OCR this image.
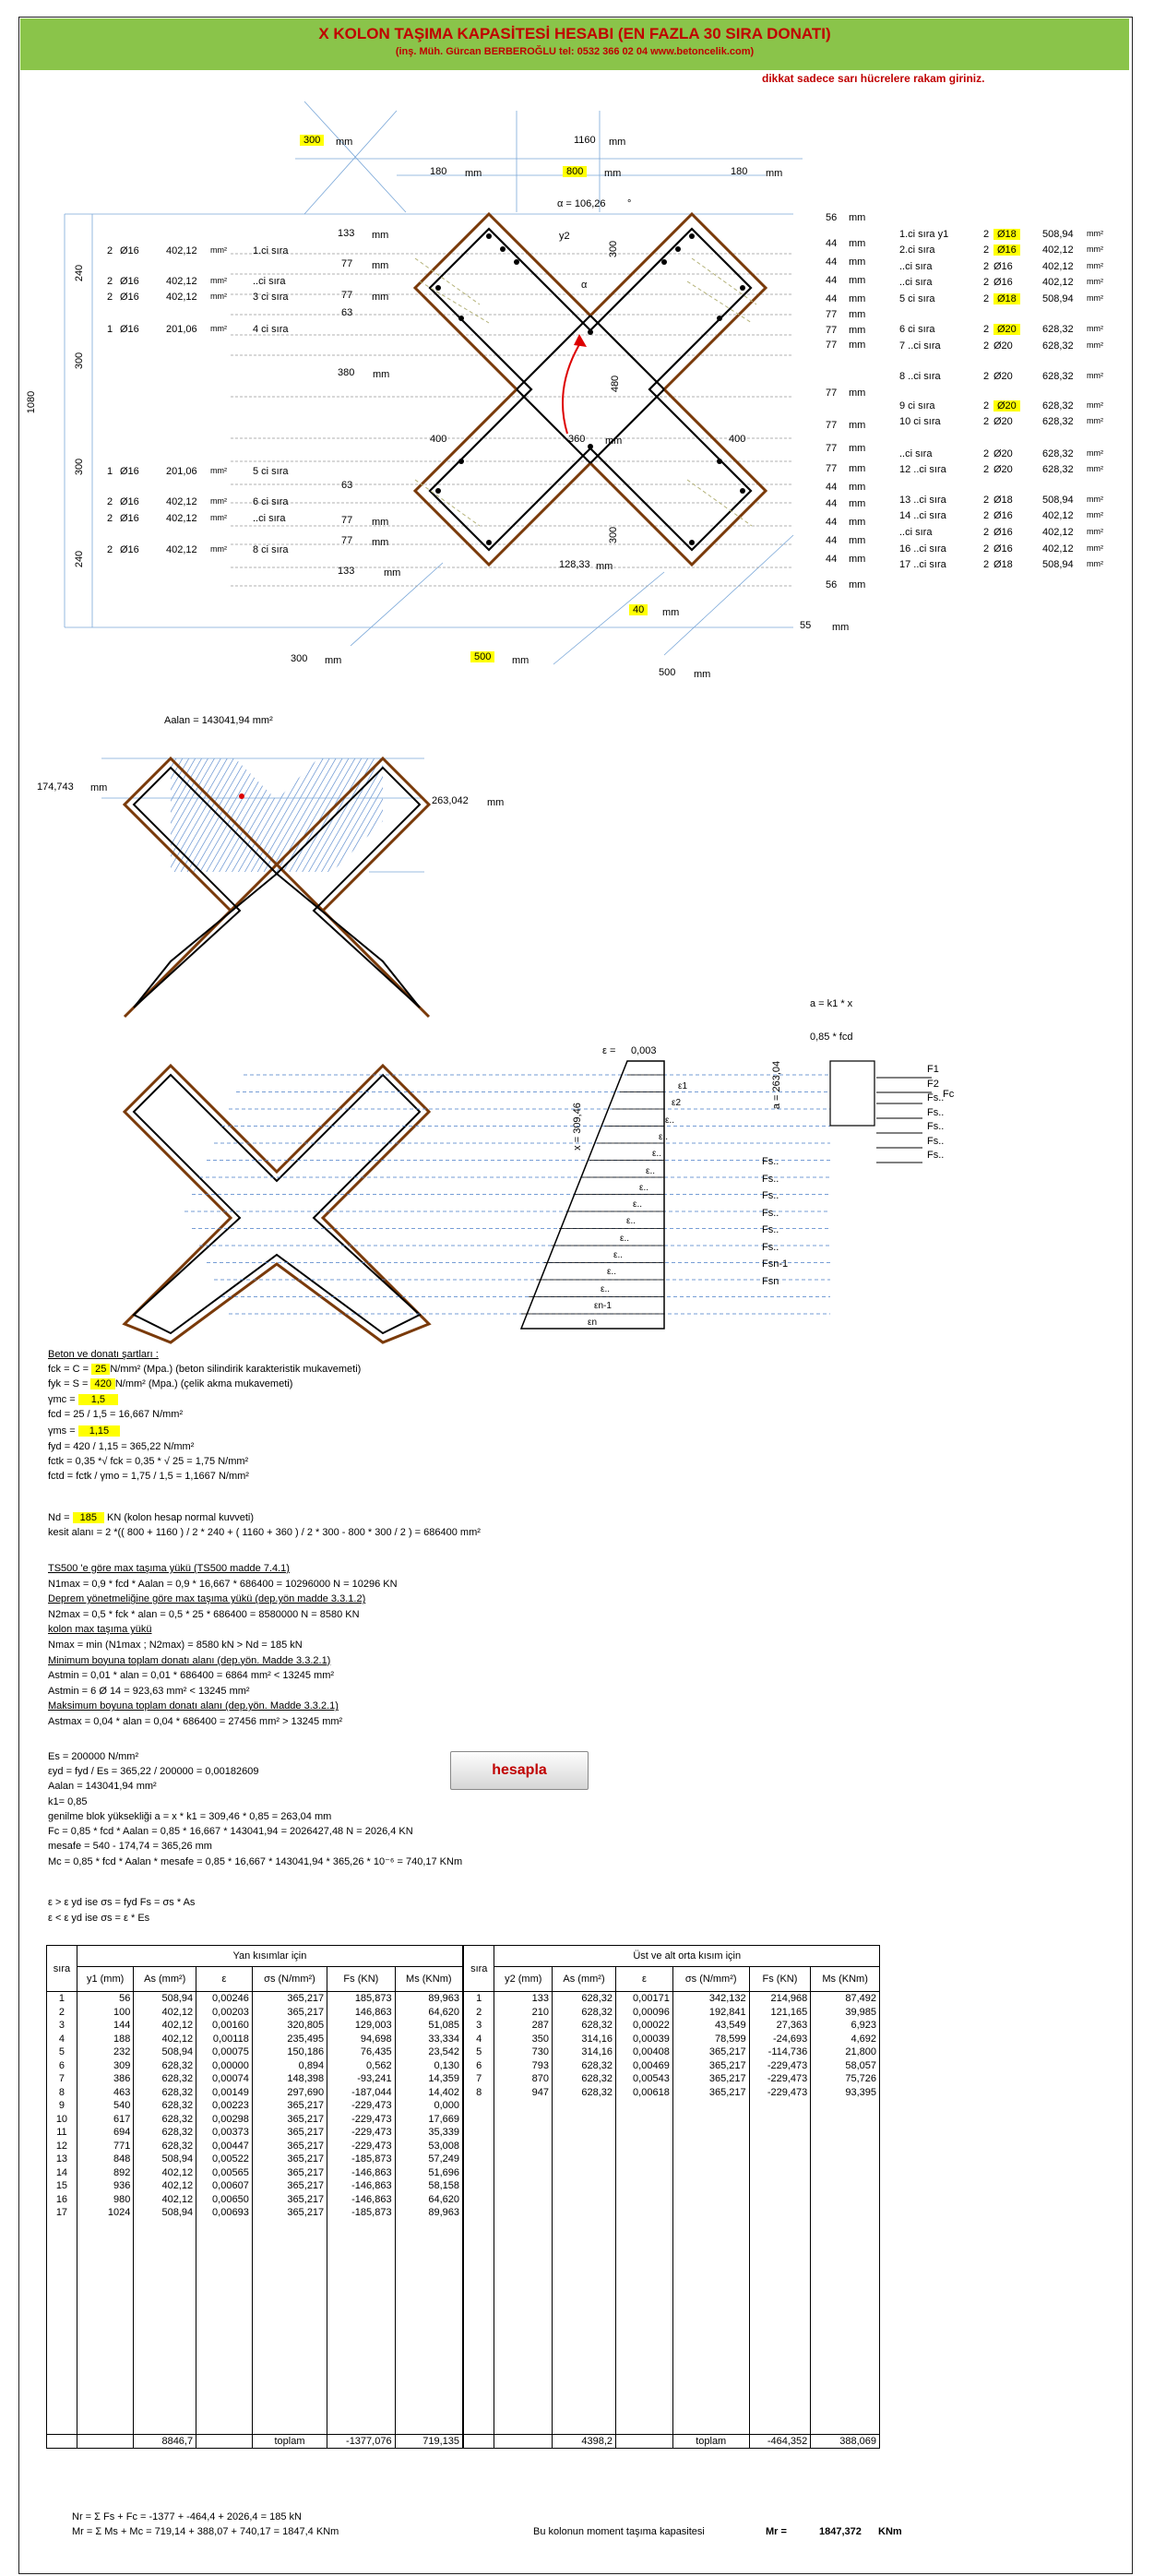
X KOLON TAŞIMA KAPASİTESİ HESABI (EN FAZLA 30 SIRA DONATI)
(inş. Müh. Gürcan BERBEROĞLU tel: 0532 366 02 04 www.betoncelik.com)
dikkat sadece sarı hücrelere rakam giriniz.
300	mm	1160 mm
180 mm	800	mm	180 mm
α = 106,26 °
y2
α
133 mm
77 mm
77 mm
63
380 mm
63
77 mm
77 mm
133	mm
240
300
300
240
1080
400	360 mm	400
480
300
300
128,33 mm
40	mm
55 mm
300 mm	500	mm
500 mm
56 mm
44 mm
44 mm
44 mm
44 mm
77 mm
77 mm
77 mm
77 mm
77 mm
77 mm
77 mm
44 mm
44 mm
44 mm
44 mm
44 mm
56 mm
2 Ø16	402,12 mm²	1.ci sıra
2 Ø16	402,12 mm²	..ci sıra
2 Ø16	402,12 mm²	3 ci sıra
1 Ø16	201,06 mm²	4 ci sıra
1 Ø16	201,06 mm²	5 ci sıra
2 Ø16	402,12 mm²	6 ci sıra
2 Ø16	402,12 mm²	..ci sıra
2 Ø16	402,12 mm²	8 ci sıra
1.ci sıra y1	2 Ø18	508,94 mm²
2.ci sıra	2 Ø16	402,12 mm²
..ci sıra	2 Ø16	402,12 mm²
..ci sıra	2 Ø16	402,12 mm²
5 ci sıra	2 Ø18	508,94 mm²
6 ci sıra	2 Ø20	628,32 mm²
7 ..ci sıra	2 Ø20	628,32 mm²
8 ..ci sıra	2 Ø20	628,32 mm²
9 ci sıra	2 Ø20	628,32 mm²
10 ci sıra	2 Ø20	628,32 mm²
..ci sıra	2 Ø20	628,32 mm²
12 ..ci sıra	2 Ø20	628,32 mm²
13 ..ci sıra	2 Ø18	508,94 mm²
14 ..ci sıra	2 Ø16	402,12 mm²
..ci sıra	2 Ø16	402,12 mm²
16 ..ci sıra	2 Ø16	402,12 mm²
17 ..ci sıra	2 Ø18	508,94 mm²
Aalan = 143041,94 mm²
174,743 mm
263,042 mm
a = k1 * x
0,85 * fcd
ε = 0,003
x = 309,46
a = 263,04
Fc
F1
F2
Fs..
Fs..
Fs..
Fs..
Fs..
Fs..
Fs..
Fs..
Fs..
Fs..
Fs..
Fsn-1
Fsn
ε1
ε2
ε..
ε..
ε..
ε..
ε..
ε..
ε..
ε..
ε..
ε..
ε..
εn-1
εn
Beton ve donatı şartları :
fck = C = 25 N/mm² (Mpa.) (beton silindirik karakteristik mukavemeti)
fyk = S = 420 N/mm² (Mpa.) (çelik akma mukavemeti)
γmc = 1,5
fcd = 25 / 1,5 = 16,667 N/mm²
γms = 1,15
fyd = 420 / 1,15 = 365,22 N/mm²
fctk = 0,35 *√ fck = 0,35 * √ 25 = 1,75 N/mm²
fctd = fctk / γmo = 1,75 / 1,5 = 1,1667 N/mm²
Nd = 185 KN (kolon hesap normal kuvveti)
kesit alanı = 2 *(( 800 + 1160 ) / 2 * 240 + ( 1160 + 360 ) / 2 * 300 - 800 * 300 / 2 ) = 686400 mm²
TS500 'e göre max taşıma yükü (TS500 madde 7.4.1)
N1max = 0,9 * fcd * Aalan = 0,9 * 16,667 * 686400 = 10296000 N = 10296 KN
Deprem yönetmeliğine göre max taşıma yükü (dep.yön madde 3.3.1.2)
N2max = 0,5 * fck * alan = 0,5 * 25 * 686400 = 8580000 N = 8580 KN
kolon max taşıma yükü
Nmax = min (N1max ; N2max) = 8580 kN > Nd = 185 kN
Minimum boyuna toplam donatı alanı (dep.yön. Madde 3.3.2.1)
Astmin = 0,01 * alan = 0,01 * 686400 = 6864 mm² < 13245 mm²
Astmin = 6 Ø 14 = 923,63 mm² < 13245 mm²
Maksimum boyuna toplam donatı alanı (dep.yön. Madde 3.3.2.1)
Astmax = 0,04 * alan = 0,04 * 686400 = 27456 mm² > 13245 mm²
Es = 200000 N/mm²
εyd = fyd / Es = 365,22 / 200000 = 0,00182609
Aalan = 143041,94 mm²
k1= 0,85
genilme blok yüksekliği a = x * k1 = 309,46 * 0,85 = 263,04 mm
Fc = 0,85 * fcd * Aalan = 0,85 * 16,667 * 143041,94 = 2026427,48 N = 2026,4 KN
mesafe = 540 - 174,74 = 365,26 mm
Mc = 0,85 * fcd * Aalan * mesafe = 0,85 * 16,667 * 143041,94 * 365,26 * 10⁻⁶ = 740,17 KNm
hesapla
ε > ε yd ise σs = fyd Fs = σs * As
ε < ε yd ise σs = ε * Es
sıra	Yan kısımlar için					
	y1 (mm)	As (mm²)	ε	σs (N/mm²)	Fs (KN)	Ms (KNm)
1	56	508,94	0,00246	365,217	185,873	89,963
2	100	402,12	0,00203	365,217	146,863	64,620
3	144	402,12	0,00160	320,805	129,003	51,085
4	188	402,12	0,00118	235,495	94,698	33,334
5	232	508,94	0,00075	150,186	76,435	23,542
6	309	628,32	0,00000	0,894	0,562	0,130
7	386	628,32	0,00074	148,398	-93,241	14,359
8	463	628,32	0,00149	297,690	-187,044	14,402
9	540	628,32	0,00223	365,217	-229,473	0,000
10	617	628,32	0,00298	365,217	-229,473	17,669
11	694	628,32	0,00373	365,217	-229,473	35,339
12	771	628,32	0,00447	365,217	-229,473	53,008
13	848	508,94	0,00522	365,217	-185,873	57,249
14	892	402,12	0,00565	365,217	-146,863	51,696
15	936	402,12	0,00607	365,217	-146,863	58,158
16	980	402,12	0,00650	365,217	-146,863	64,620
17	1024	508,94	0,00693	365,217	-185,873	89,963

		8846,7		toplam	-1377,076	719,135
sıra	Üst ve alt orta kısım için					
	y2 (mm)	As (mm²)	ε	σs (N/mm²)	Fs (KN)	Ms (KNm)
1	133	628,32	0,00171	342,132	214,968	87,492
2	210	628,32	0,00096	192,841	121,165	39,985
3	287	628,32	0,00022	43,549	27,363	6,923
4	350	314,16	0,00039	78,599	-24,693	4,692
5	730	314,16	0,00408	365,217	-114,736	21,800
6	793	628,32	0,00469	365,217	-229,473	58,057
7	870	628,32	0,00543	365,217	-229,473	75,726
8	947	628,32	0,00618	365,217	-229,473	93,395

		4398,2		toplam	-464,352	388,069
Nr = Σ Fs + Fc = -1377 + -464,4 + 2026,4 = 185 kN
Mr = Σ Ms + Mc = 719,14 + 388,07 + 740,17 = 1847,4 KNm	Bu kolonun moment taşıma kapasitesi	Mr =	1847,372 KNm
